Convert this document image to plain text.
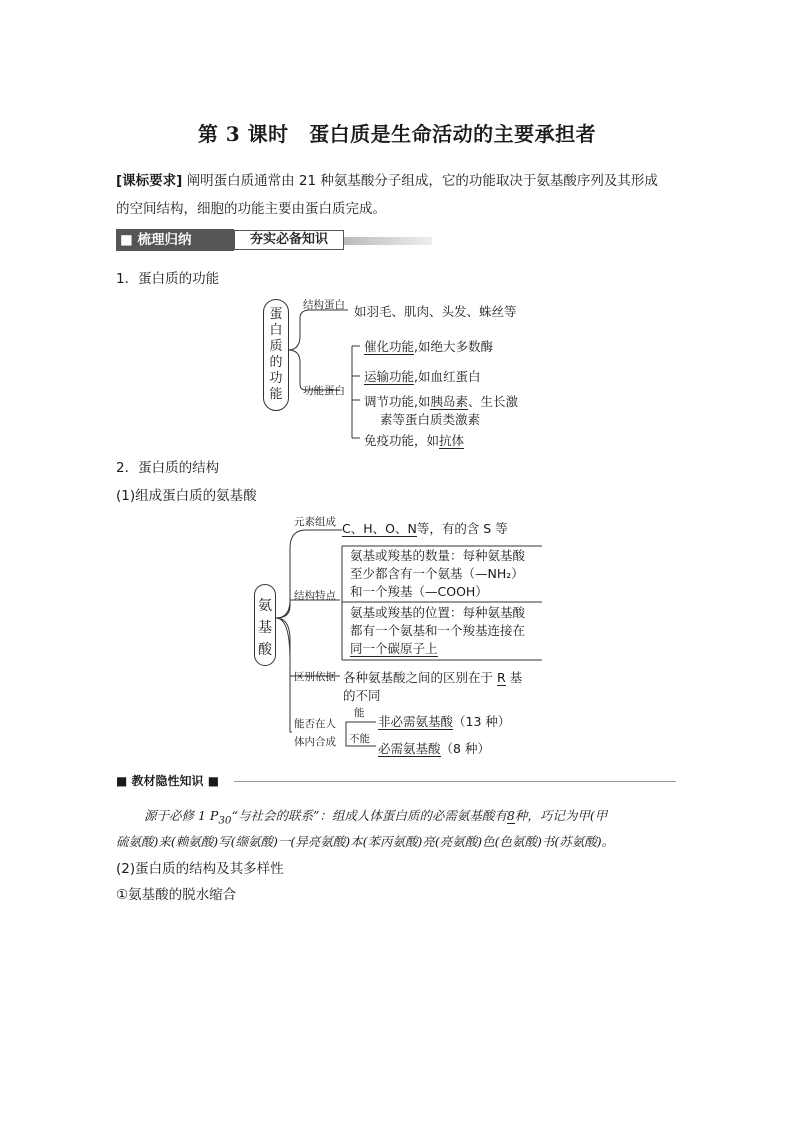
第 3 课时　蛋白质是生命活动的主要承担者
[课标要求] 阐明蛋白质通常由 21 种氨基酸分子组成，它的功能取决于氨基酸序列及其形成
的空间结构，细胞的功能主要由蛋白质完成。
■ 梳理归纳	夯实必备知识
1．蛋白质的功能
蛋
白
质
的
功
能
结构蛋白 如羽毛、肌肉、头发、蛛丝等
功能蛋白
催化功能,如绝大多数酶
运输功能,如血红蛋白
调节功能,如胰岛素、生长激
素等蛋白质类激素
免疫功能，如抗体
2．蛋白质的结构
(1)组成蛋白质的氨基酸
氨
基
酸
元素组成 C、H、O、N等，有的含 S 等
结构特点
氨基或羧基的数量：每种氨基酸
至少都含有一个氨基（—NH₂）
和一个羧基（—COOH）
氨基或羧基的位置：每种氨基酸
都有一个氨基和一个羧基连接在
同一个碳原子上
区别依据 各种氨基酸之间的区别在于 R 基
的不同
能否在人
体内合成
能
不能
非必需氨基酸（13 种）
必需氨基酸（8 种）
■ 教材隐性知识 ■
源于必修 1 $P_{30}“$与社会的联系”：组成人体蛋白质的必需氨基酸有8种，巧记为甲(甲
硫氨酸)来(赖氨酸)写(缬氨酸)一(异亮氨酸)本(苯丙氨酸)亮(亮氨酸)色(色氨酸)书(苏氨酸)。
(2)蛋白质的结构及其多样性
①氨基酸的脱水缩合
